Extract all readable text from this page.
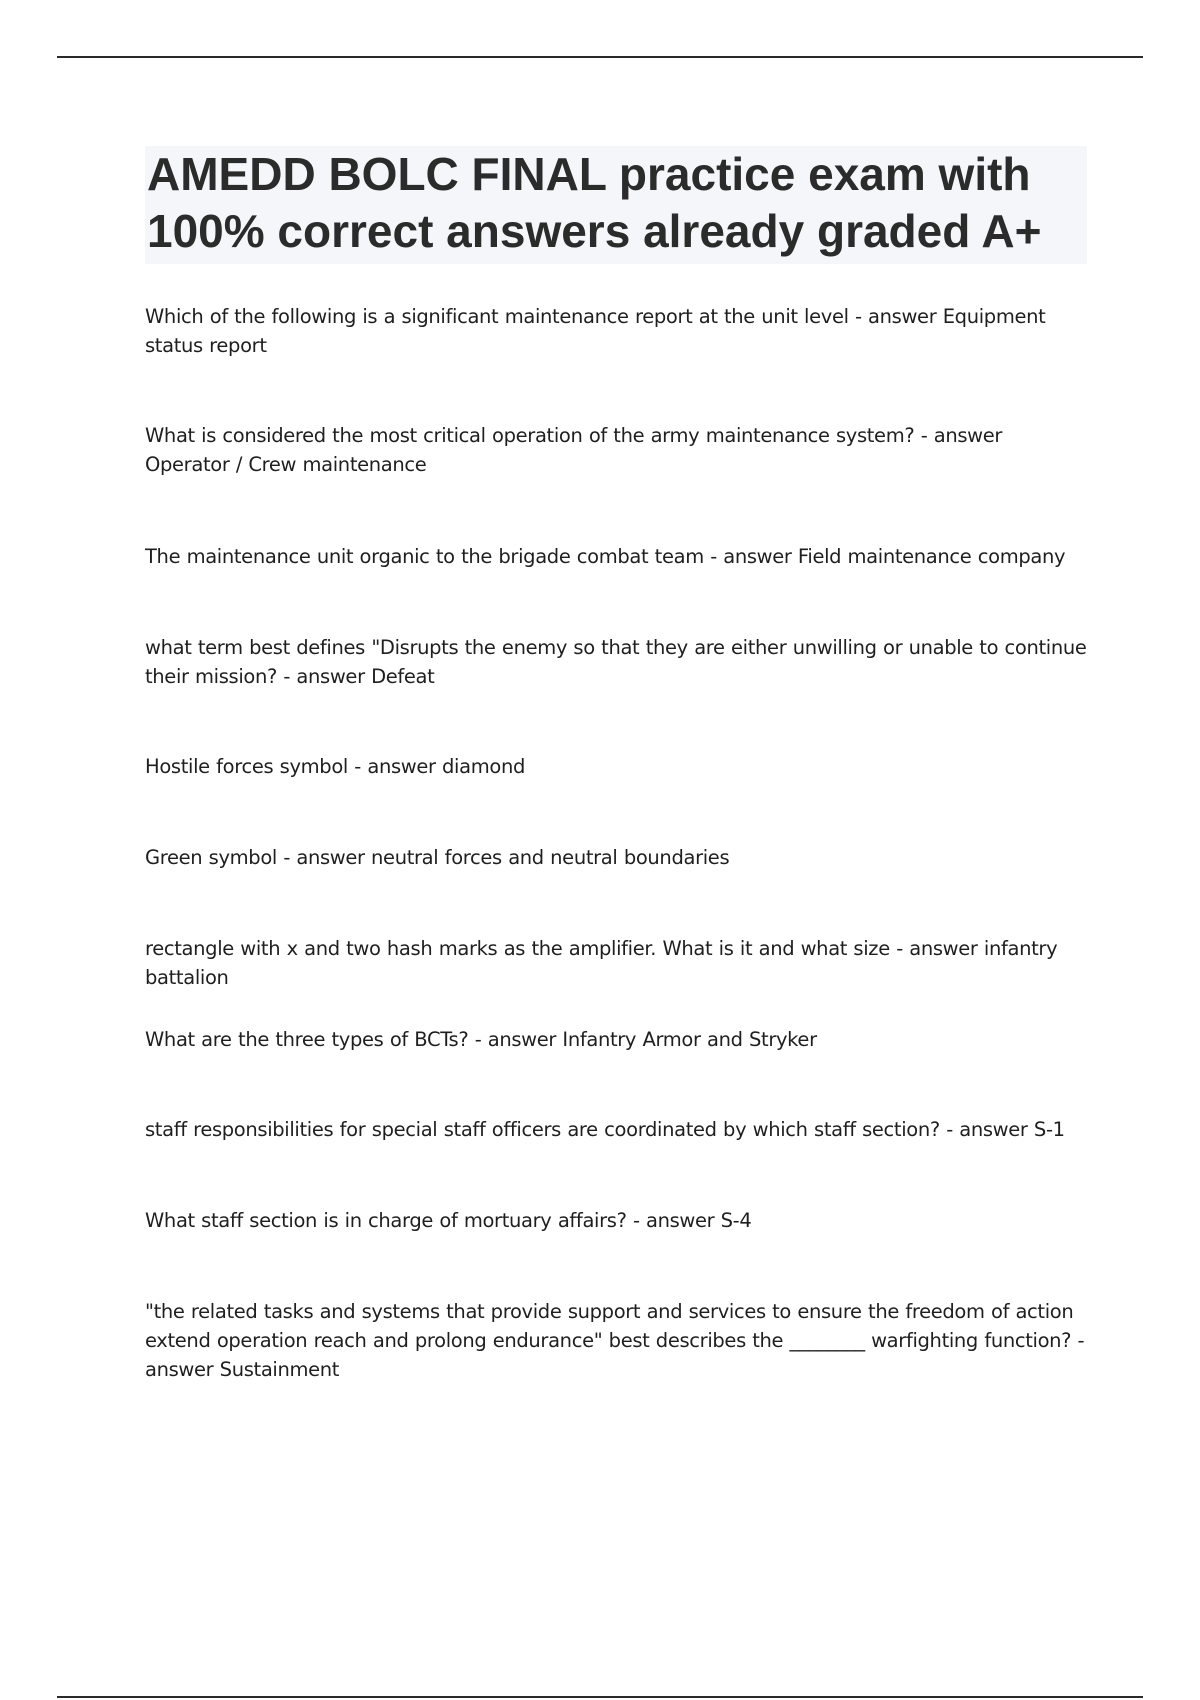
AMEDD BOLC FINAL practice exam with 100% correct answers already graded A+
Which of the following is a significant maintenance report at the unit level - answer Equipment status report
What is considered the most critical operation of the army maintenance system? - answer Operator / Crew maintenance
The maintenance unit organic to the brigade combat team - answer Field maintenance company
what term best defines "Disrupts the enemy so that they are either unwilling or unable to continue their mission? - answer Defeat
Hostile forces symbol - answer diamond
Green symbol - answer neutral forces and neutral boundaries
rectangle with x and two hash marks as the amplifier. What is it and what size - answer infantry battalion
What are the three types of BCTs? - answer Infantry Armor and Stryker
staff responsibilities for special staff officers are coordinated by which staff section? - answer S-1
What staff section is in charge of mortuary affairs? - answer S-4
"the related tasks and systems that provide support and services to ensure the freedom of action extend operation reach and prolong endurance" best describes the ________ warfighting function? - answer Sustainment
